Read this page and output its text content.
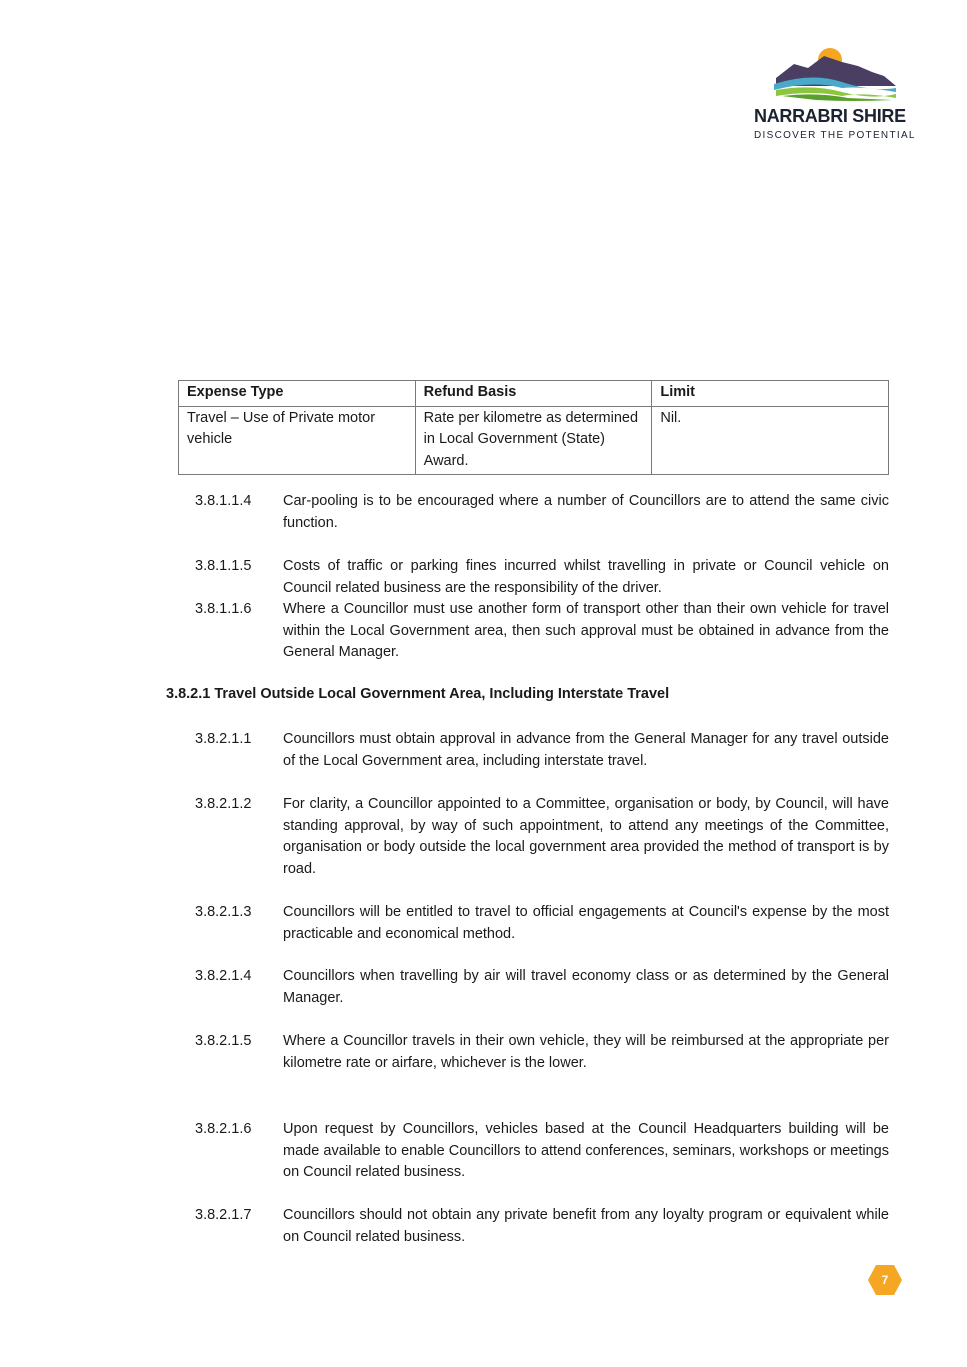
NARRABRI SHIRE
DISCOVER THE POTENTIAL
Expense Type	Refund Basis	Limit
Travel – Use of Private motor vehicle	Rate per kilometre as determined in Local Government (State) Award.	Nil.
3.8.1.1.4	Car-pooling is to be encouraged where a number of Councillors are to attend the same civic function.
3.8.1.1.5	Costs of traffic or parking fines incurred whilst travelling in private or Council vehicle on Council related business are the responsibility of the driver.
3.8.1.1.6	Where a Councillor must use another form of transport other than their own vehicle for travel within the Local Government area, then such approval must be obtained in advance from the General Manager.
3.8.2.1 Travel Outside Local Government Area, Including Interstate Travel
3.8.2.1.1	Councillors must obtain approval in advance from the General Manager for any travel outside of the Local Government area, including interstate travel.
3.8.2.1.2	For clarity, a Councillor appointed to a Committee, organisation or body, by Council, will have standing approval, by way of such appointment, to attend any meetings of the Committee, organisation or body outside the local government area provided the method of transport is by road.
3.8.2.1.3	Councillors will be entitled to travel to official engagements at Council's expense by the most practicable and economical method.
3.8.2.1.4	Councillors when travelling by air will travel economy class or as determined by the General Manager.
3.8.2.1.5	Where a Councillor travels in their own vehicle, they will be reimbursed at the appropriate per kilometre rate or airfare, whichever is the lower.
3.8.2.1.6	Upon request by Councillors, vehicles based at the Council Headquarters building will be made available to enable Councillors to attend conferences, seminars, workshops or meetings on Council related business.
3.8.2.1.7	Councillors should not obtain any private benefit from any loyalty program or equivalent while on Council related business.
7
